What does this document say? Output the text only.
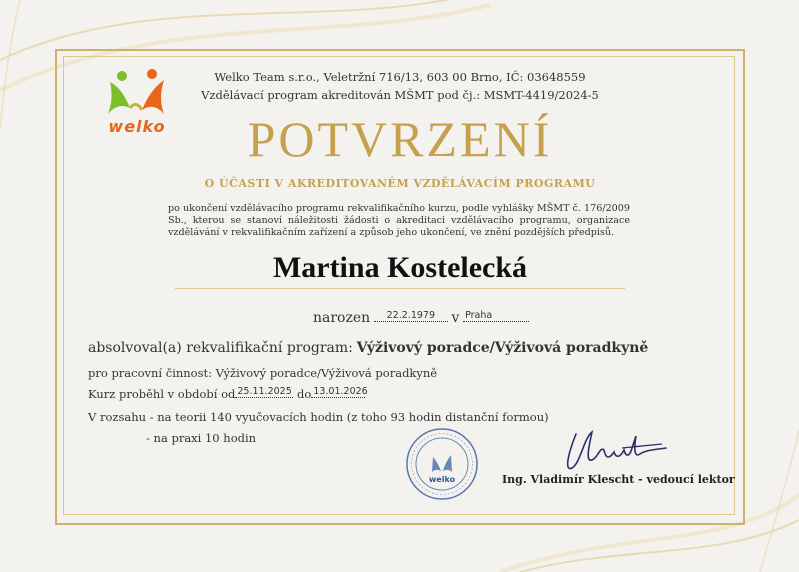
welko
Welko Team s.r.o., Veletržní 716/13, 603 00 Brno, IČ: 03648559
Vzdělávací program akreditován MŠMT pod čj.: MSMT-4419/2024-5
POTVRZENÍ
O ÚČASTI V AKREDITOVANÉM VZDĚLÁVACÍM PROGRAMU
po ukončení vzdělávacího programu rekvalifikačního kurzu, podle vyhlášky MŠMT č. 176/2009 Sb., kterou se stanoví náležitosti žádosti o akreditaci vzdělávacího programu, organizace vzdělávání v rekvalifikačním zařízení a způsob jeho ukončení, ve znění pozdějších předpisů.
Martina Kostelecká
narozen 22.2.1979 v Praha
absolvoval(a) rekvalifikační program: Výživový poradce/Výživová poradkyně
pro pracovní činnost: Výživový poradce/Výživová poradkyně
Kurz proběhl v období od 25.11.2025 do 13.01.2026
V rozsahu - na teorii 140 vyučovacích hodin (z toho 93 hodin distanční formou)
- na praxi 10 hodin
welko	Ing. Vladimír Klescht - vedoucí lektor
